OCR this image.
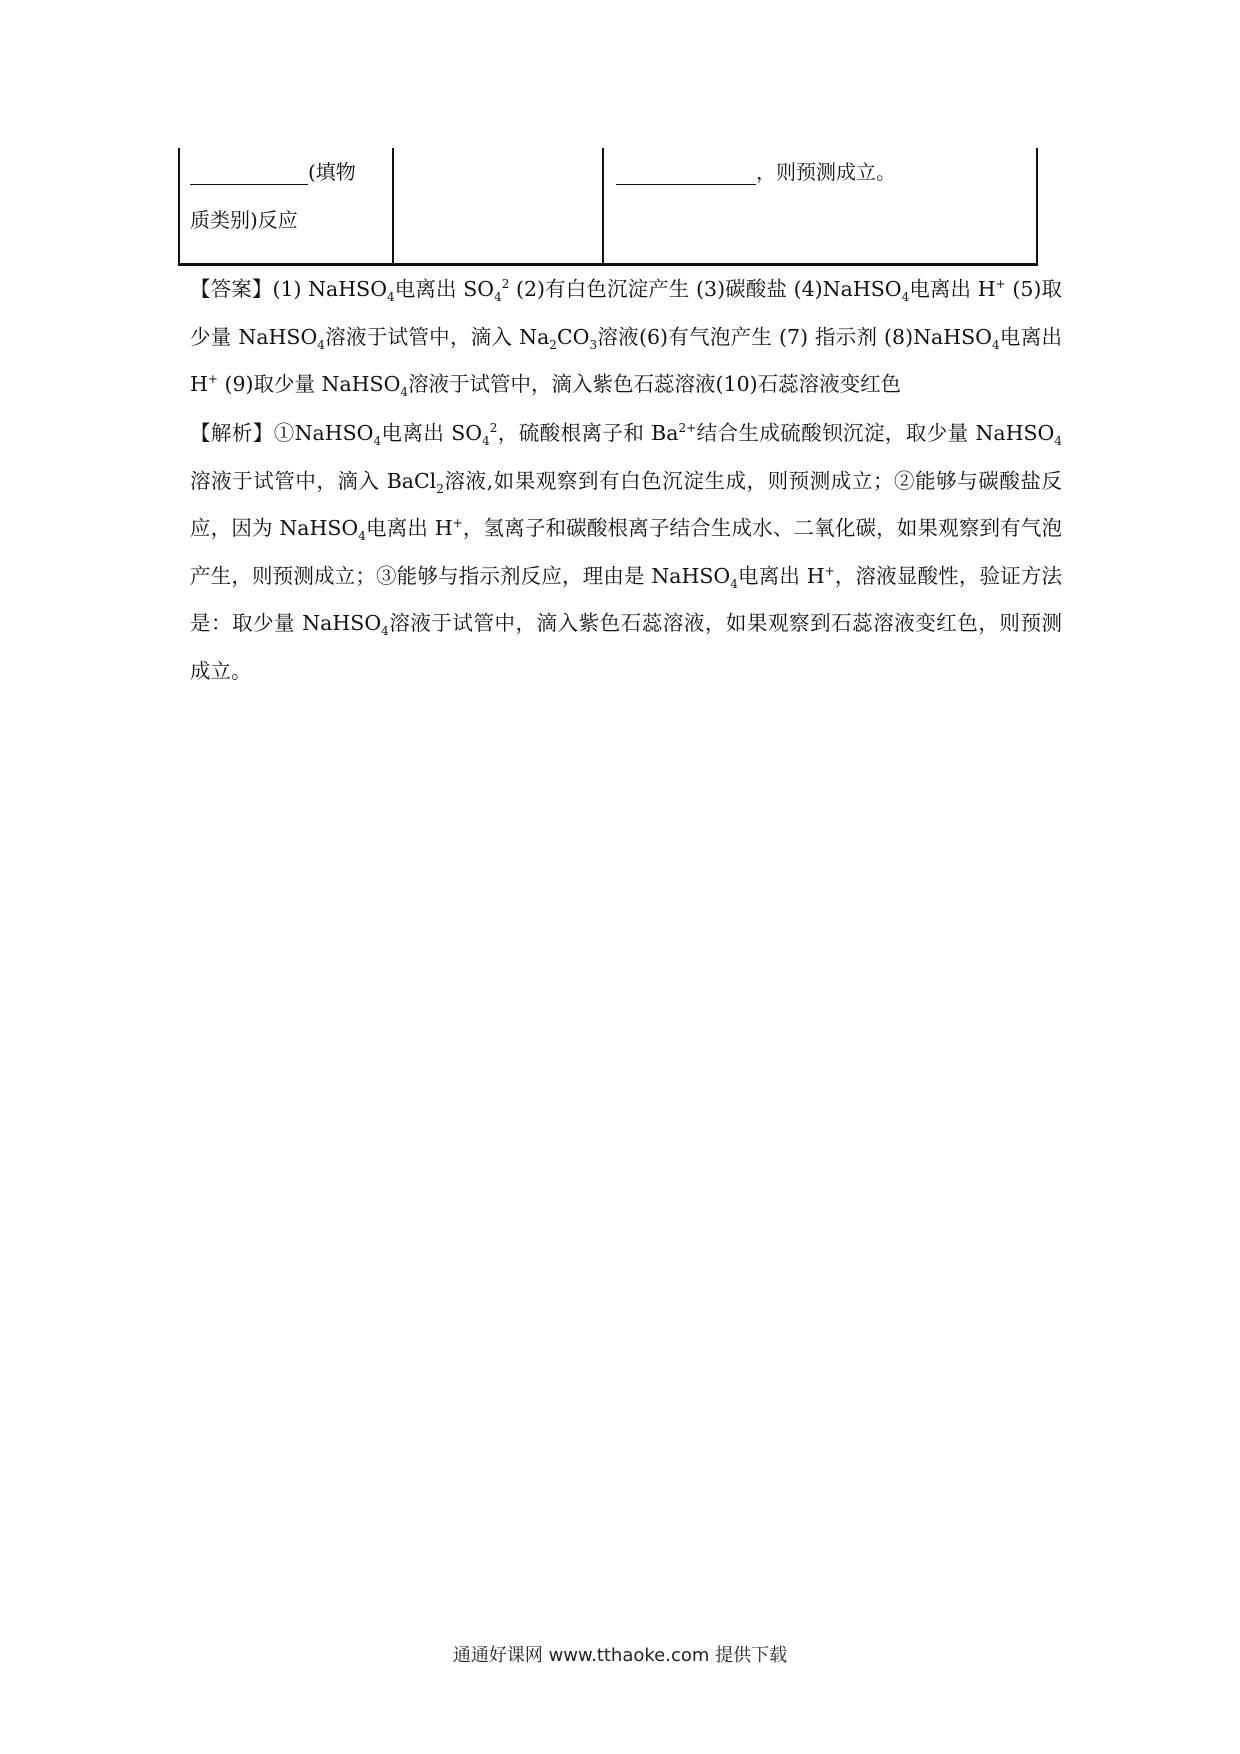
(填物
质类别)反应
，则预测成立。
【答案】(1) NaHSO$_4$电离出 $SO_4^2$ (2)有白色沉淀产生 (3)碳酸盐 (4)NaHSO$_4$电离出 H+ (5)取少量 NaHSO$_4$溶液于试管中，滴入 $Na_2CO_3$溶液(6)有气泡产生 (7) 指示剂 (8)NaHSO$_4$电离出 H+ (9)取少量 NaHSO$_4$溶液于试管中，滴入紫色石蕊溶液(10)石蕊溶液变红色
【解析】①NaHSO$_4$电离出 $SO_4^2$，硫酸根离子和 $Ba^{2+}$结合生成硫酸钡沉淀，取少量 NaHSO$_4$溶液于试管中，滴入 BaCl$_2$溶液,如果观察到有白色沉淀生成，则预测成立；②能够与碳酸盐反应，因为 NaHSO$_4$电离出 H+，氢离子和碳酸根离子结合生成水、二氧化碳，如果观察到有气泡产生，则预测成立；③能够与指示剂反应，理由是 NaHSO$_4$电离出 H+，溶液显酸性，验证方法是：取少量 NaHSO$_4$溶液于试管中，滴入紫色石蕊溶液，如果观察到石蕊溶液变红色，则预测成立。
通通好课网 www.tthaoke.com 提供下载
